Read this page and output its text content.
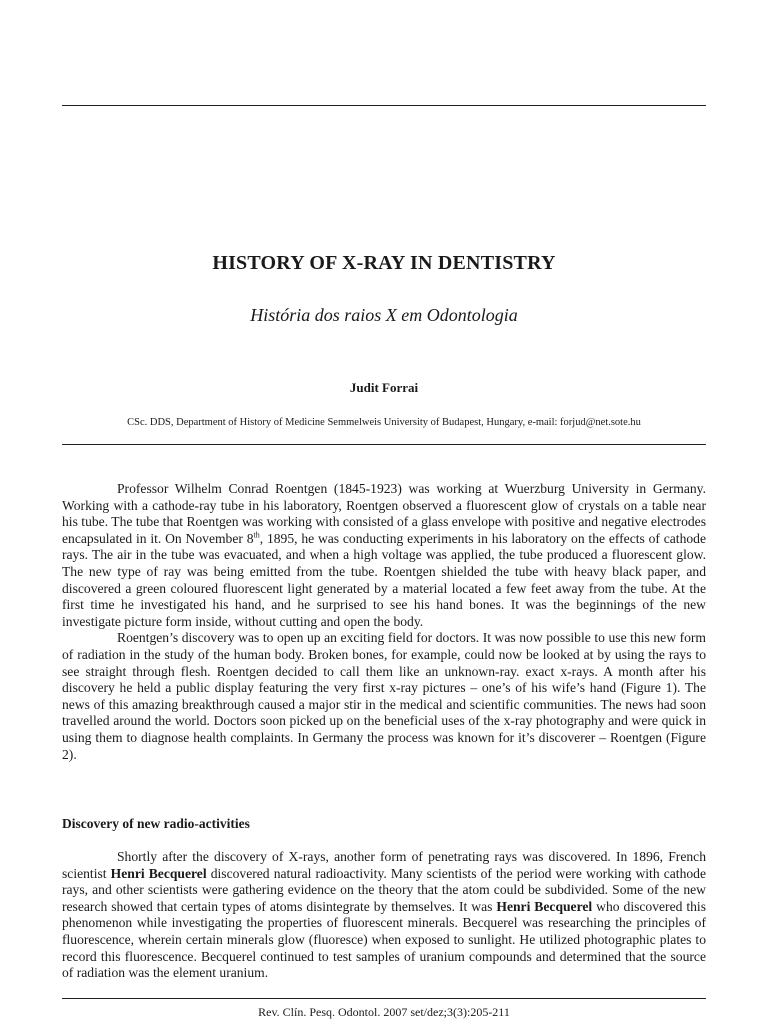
HISTORY OF X-RAY IN DENTISTRY
História dos raios X em Odontologia
Judit Forrai
CSc. DDS, Department of History of Medicine Semmelweis University of Budapest, Hungary, e-mail: forjud@net.sote.hu

Professor Wilhelm Conrad Roentgen (1845-1923) was working at Wuerzburg University in Germany. Working with a cathode-ray tube in his laboratory, Roentgen observed a fluorescent glow of crystals on a table near his tube. The tube that Roentgen was working with consisted of a glass envelope with positive and negative electrodes encapsulated in it. On November 8th, 1895, he was conducting experiments in his laboratory on the effects of cathode rays. The air in the tube was evacuated, and when a high voltage was applied, the tube produced a fluorescent glow. The new type of ray was being emitted from the tube. Roentgen shielded the tube with heavy black paper, and discovered a green coloured fluorescent light generated by a material located a few feet away from the tube. At the first time he investigated his hand, and he surprised to see his hand bones. It was the beginnings of the new investigate picture form inside, without cutting and open the body.

Roentgen’s discovery was to open up an exciting field for doctors. It was now possible to use this new form of radiation in the study of the human body. Broken bones, for example, could now be looked at by using the rays to see straight through flesh. Roentgen decided to call them like an unknown-ray. exact x-rays. A month after his discovery he held a public display featuring the very first x-ray pictures – one’s of his wife’s hand (Figure 1). The news of this amazing breakthrough caused a major stir in the medical and scientific communities. The news had soon travelled around the world. Doctors soon picked up on the beneficial uses of the x-ray photography and were quick in using them to diagnose health complaints. In Germany the process was known for it’s discoverer – Roentgen (Figure 2).

Discovery of new radio-activities

Shortly after the discovery of X-rays, another form of penetrating rays was discovered. In 1896, French scientist Henri Becquerel discovered natural radioactivity. Many scientists of the period were working with cathode rays, and other scientists were gathering evidence on the theory that the atom could be subdivided. Some of the new research showed that certain types of atoms disintegrate by themselves. It was Henri Becquerel who discovered this phenomenon while investigating the properties of fluorescent minerals. Becquerel was researching the principles of fluorescence, wherein certain minerals glow (fluoresce) when exposed to sunlight. He utilized photographic plates to record this fluorescence. Becquerel continued to test samples of uranium compounds and determined that the source of radiation was the element uranium.

Rev. Clín. Pesq. Odontol. 2007 set/dez;3(3):205-211
